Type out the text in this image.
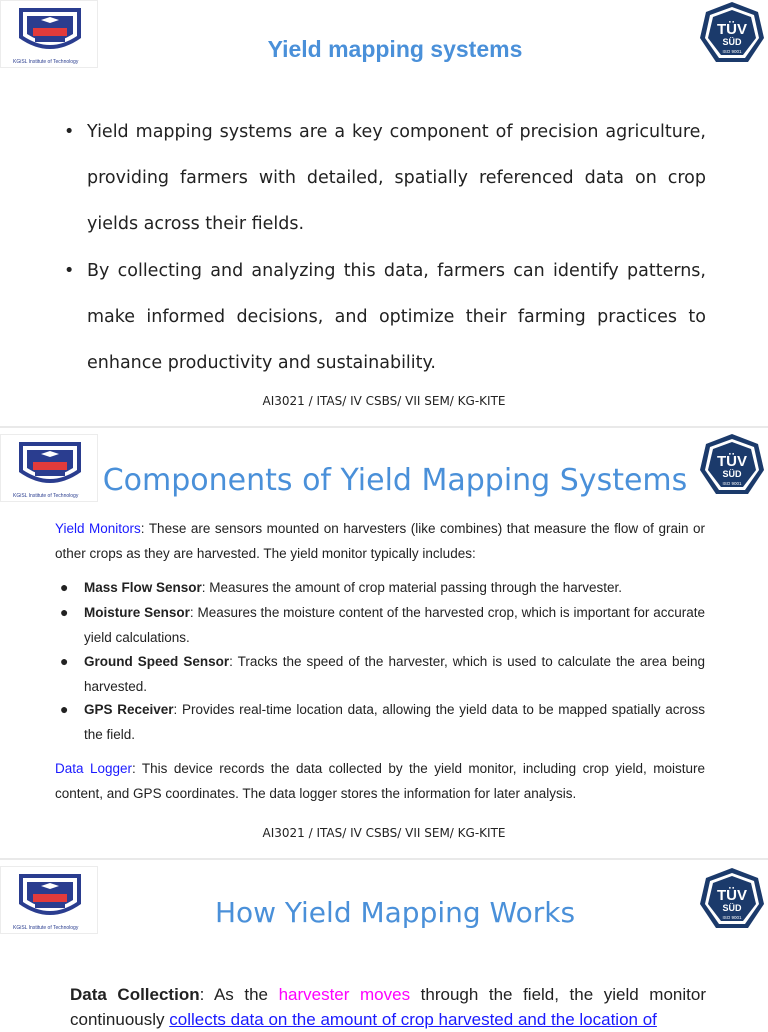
KGiSL Institute of Technology	Yield mapping systems
TÜV
SÜD
ISO 9001
• Yield mapping systems are a key component of precision agriculture, providing farmers with detailed, spatially referenced data on crop yields across their fields.
• By collecting and analyzing this data, farmers can identify patterns, make informed decisions, and optimize their farming practices to enhance productivity and sustainability.
AI3021 / ITAS/ IV CSBS/ VII SEM/ KG-KITE
KGiSL Institute of Technology
TÜV
SÜD
ISO 9001
Components of Yield Mapping Systems
Yield Monitors: These are sensors mounted on harvesters (like combines) that measure the flow of grain or other crops as they are harvested. The yield monitor typically includes:
● Mass Flow Sensor: Measures the amount of crop material passing through the harvester.
● Moisture Sensor: Measures the moisture content of the harvested crop, which is important for accurate yield calculations.
● Ground Speed Sensor: Tracks the speed of the harvester, which is used to calculate the area being harvested.
● GPS Receiver: Provides real-time location data, allowing the yield data to be mapped spatially across the field.
Data Logger: This device records the data collected by the yield monitor, including crop yield, moisture content, and GPS coordinates. The data logger stores the information for later analysis.
AI3021 / ITAS/ IV CSBS/ VII SEM/ KG-KITE
KGiSL Institute of Technology
TÜV
SÜD
ISO 9001
How Yield Mapping Works
Data Collection: As the harvester moves through the field, the yield monitor continuously collects data on the amount of crop harvested and the location of
